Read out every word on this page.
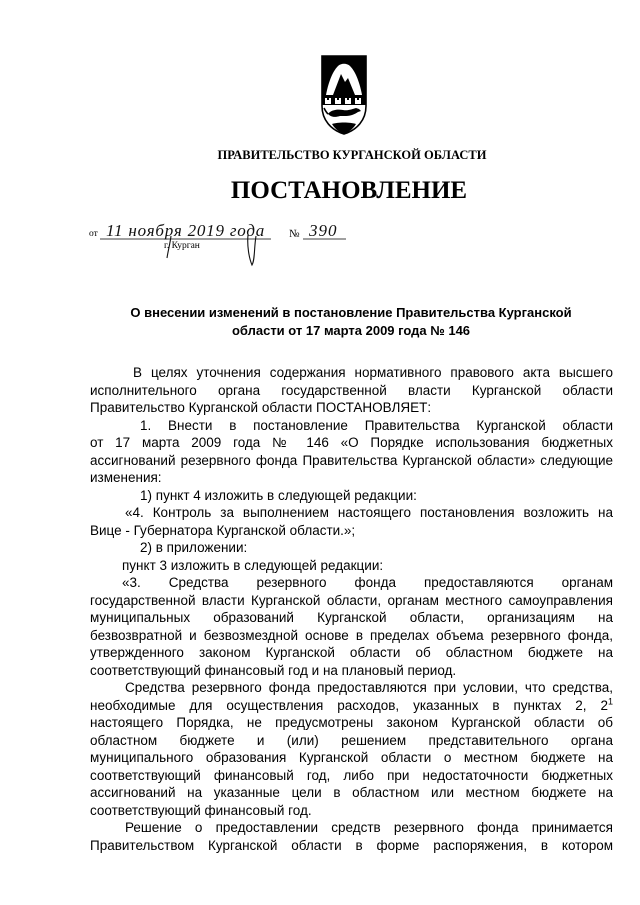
ПРАВИТЕЛЬСТВО КУРГАНСКОЙ ОБЛАСТИ
ПОСТАНОВЛЕНИЕ
от 11 ноября 2019 года № 390
г. Курган
О внесении изменений в постановление Правительства Курганской
области от 17 марта 2009 года № 146
В целях уточнения содержания нормативного правового акта высшего
исполнительного органа государственной власти Курганской области
Правительство Курганской области ПОСТАНОВЛЯЕТ:
1. Внести в постановление Правительства Курганской области
от 17 марта 2009 года № 146 «О Порядке использования бюджетных
ассигнований резервного фонда Правительства Курганской области» следующие
изменения:
1) пункт 4 изложить в следующей редакции:
«4. Контроль за выполнением настоящего постановления возложить на
Вице - Губернатора Курганской области.»;
2) в приложении:
пункт 3 изложить в следующей редакции:
«3. Средства резервного фонда предоставляются органам
государственной власти Курганской области, органам местного самоуправления
муниципальных образований Курганской области, организациям на
безвозвратной и безвозмездной основе в пределах объема резервного фонда,
утвержденного законом Курганской области об областном бюджете на
соответствующий финансовый год и на плановый период.
Средства резервного фонда предоставляются при условии, что средства,
необходимые для осуществления расходов, указанных в пунктах 2, $2^1$
настоящего Порядка, не предусмотрены законом Курганской области об
областном бюджете и (или) решением представительного органа
муниципального образования Курганской области о местном бюджете на
соответствующий финансовый год, либо при недостаточности бюджетных
ассигнований на указанные цели в областном или местном бюджете на
соответствующий финансовый год.
Решение о предоставлении средств резервного фонда принимается
Правительством Курганской области в форме распоряжения, в котором
